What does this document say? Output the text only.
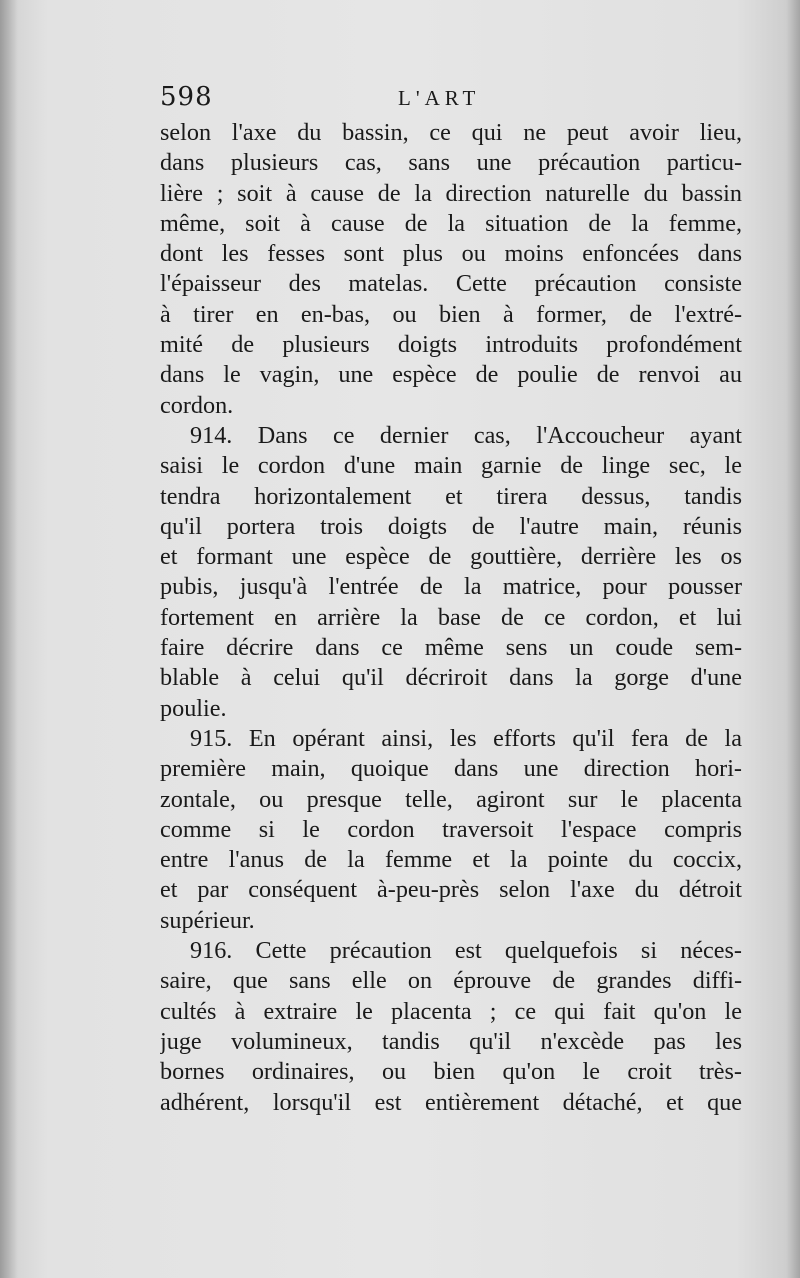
598	L'ART
selon l'axe du bassin, ce qui ne peut avoir lieu,
dans plusieurs cas, sans une précaution particu-
lière ; soit à cause de la direction naturelle du bassin
même, soit à cause de la situation de la femme,
dont les fesses sont plus ou moins enfoncées dans
l'épaisseur des matelas. Cette précaution consiste
à tirer en en-bas, ou bien à former, de l'extré-
mité de plusieurs doigts introduits profondément
dans le vagin, une espèce de poulie de renvoi au
cordon.
914. Dans ce dernier cas, l'Accoucheur ayant
saisi le cordon d'une main garnie de linge sec, le
tendra horizontalement et tirera dessus, tandis
qu'il portera trois doigts de l'autre main, réunis
et formant une espèce de gouttière, derrière les os
pubis, jusqu'à l'entrée de la matrice, pour pousser
fortement en arrière la base de ce cordon, et lui
faire décrire dans ce même sens un coude sem-
blable à celui qu'il décriroit dans la gorge d'une
poulie.
915. En opérant ainsi, les efforts qu'il fera de la
première main, quoique dans une direction hori-
zontale, ou presque telle, agiront sur le placenta
comme si le cordon traversoit l'espace compris
entre l'anus de la femme et la pointe du coccix,
et par conséquent à-peu-près selon l'axe du détroit
supérieur.
916. Cette précaution est quelquefois si néces-
saire, que sans elle on éprouve de grandes diffi-
cultés à extraire le placenta ; ce qui fait qu'on le
juge volumineux, tandis qu'il n'excède pas les
bornes ordinaires, ou bien qu'on le croit très-
adhérent, lorsqu'il est entièrement détaché, et que
